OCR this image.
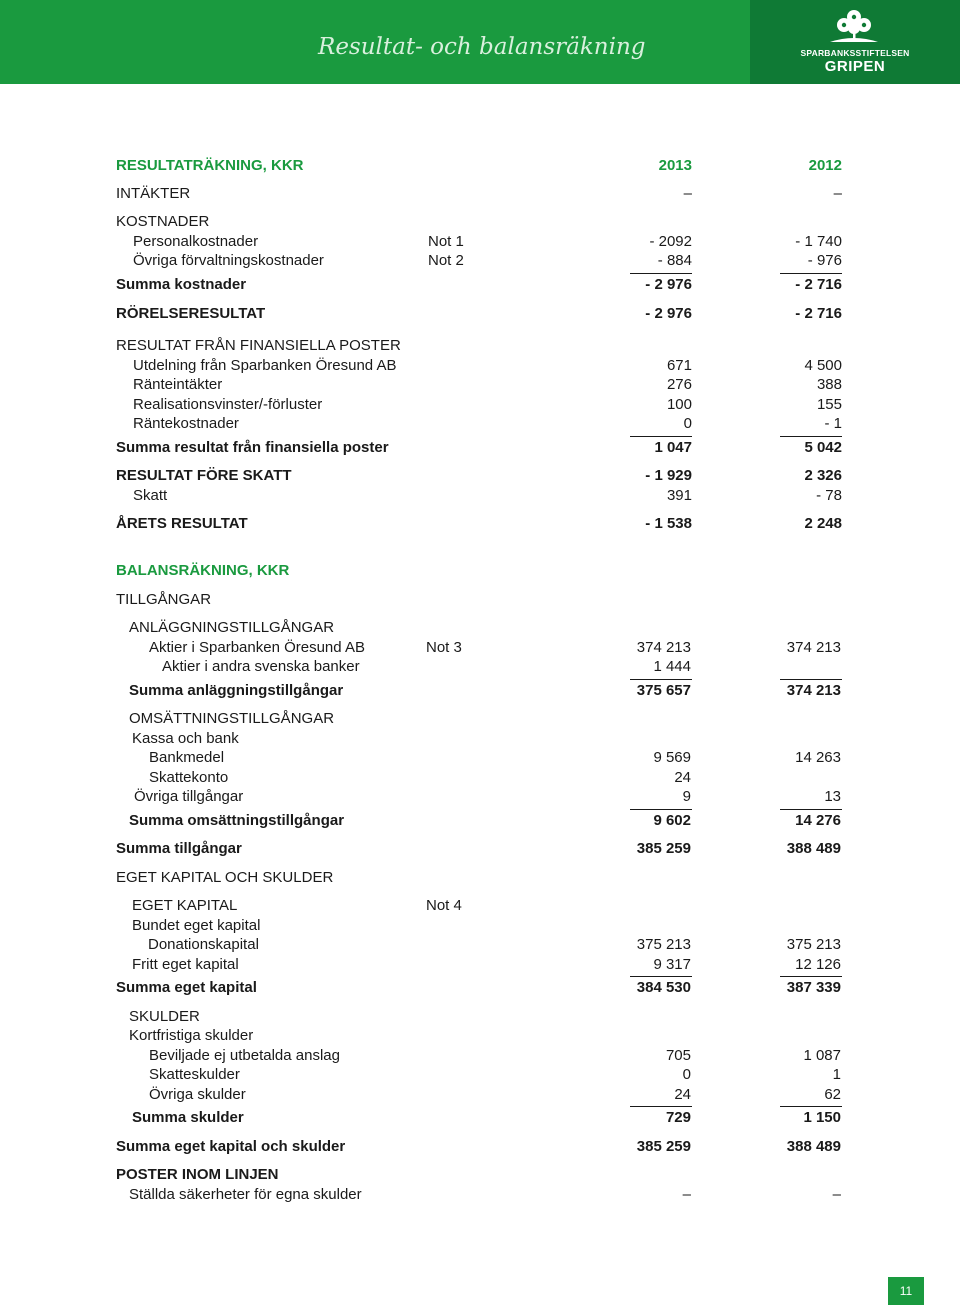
Resultat- och balansräkning	SPARBANKSSTIFTELSEN
GRIPEN
RESULTATRÄKNING, KKR	2013	2012
INTÄKTER	–	–
KOSTNADER
Personalkostnader	Not 1	- 2092	- 1 740
Övriga förvaltningskostnader	Not 2	- 884	- 976
Summa kostnader	- 2 976	- 2 716
RÖRELSERESULTAT	- 2 976	- 2 716
RESULTAT FRÅN FINANSIELLA POSTER
Utdelning från Sparbanken Öresund AB	671	4 500
Ränteintäkter	276	388
Realisationsvinster/-förluster	100	155
Räntekostnader	0	- 1
Summa resultat från finansiella poster	1 047	5 042
RESULTAT FÖRE SKATT	- 1 929	2 326
Skatt	391	- 78
ÅRETS RESULTAT	- 1 538	2 248
BALANSRÄKNING, KKR
TILLGÅNGAR
ANLÄGGNINGSTILLGÅNGAR
Aktier i Sparbanken Öresund AB	Not 3	374 213	374 213
Aktier i andra svenska banker	1 444
Summa anläggningstillgångar	375 657	374 213
OMSÄTTNINGSTILLGÅNGAR
Kassa och bank
Bankmedel	9 569	14 263
Skattekonto	24
Övriga tillgångar	9	13
Summa omsättningstillgångar	9 602	14 276
Summa tillgångar	385 259	388 489
EGET KAPITAL OCH SKULDER
EGET KAPITAL	Not 4
Bundet eget kapital
Donationskapital	375 213	375 213
Fritt eget kapital	9 317	12 126
Summa eget kapital	384 530	387 339
SKULDER
Kortfristiga skulder
Beviljade ej utbetalda anslag	705	1 087
Skatteskulder	0	1
Övriga skulder	24	62
Summa skulder	729	1 150
Summa eget kapital och skulder	385 259	388 489
POSTER INOM LINJEN
Ställda säkerheter för egna skulder	–	–
11
